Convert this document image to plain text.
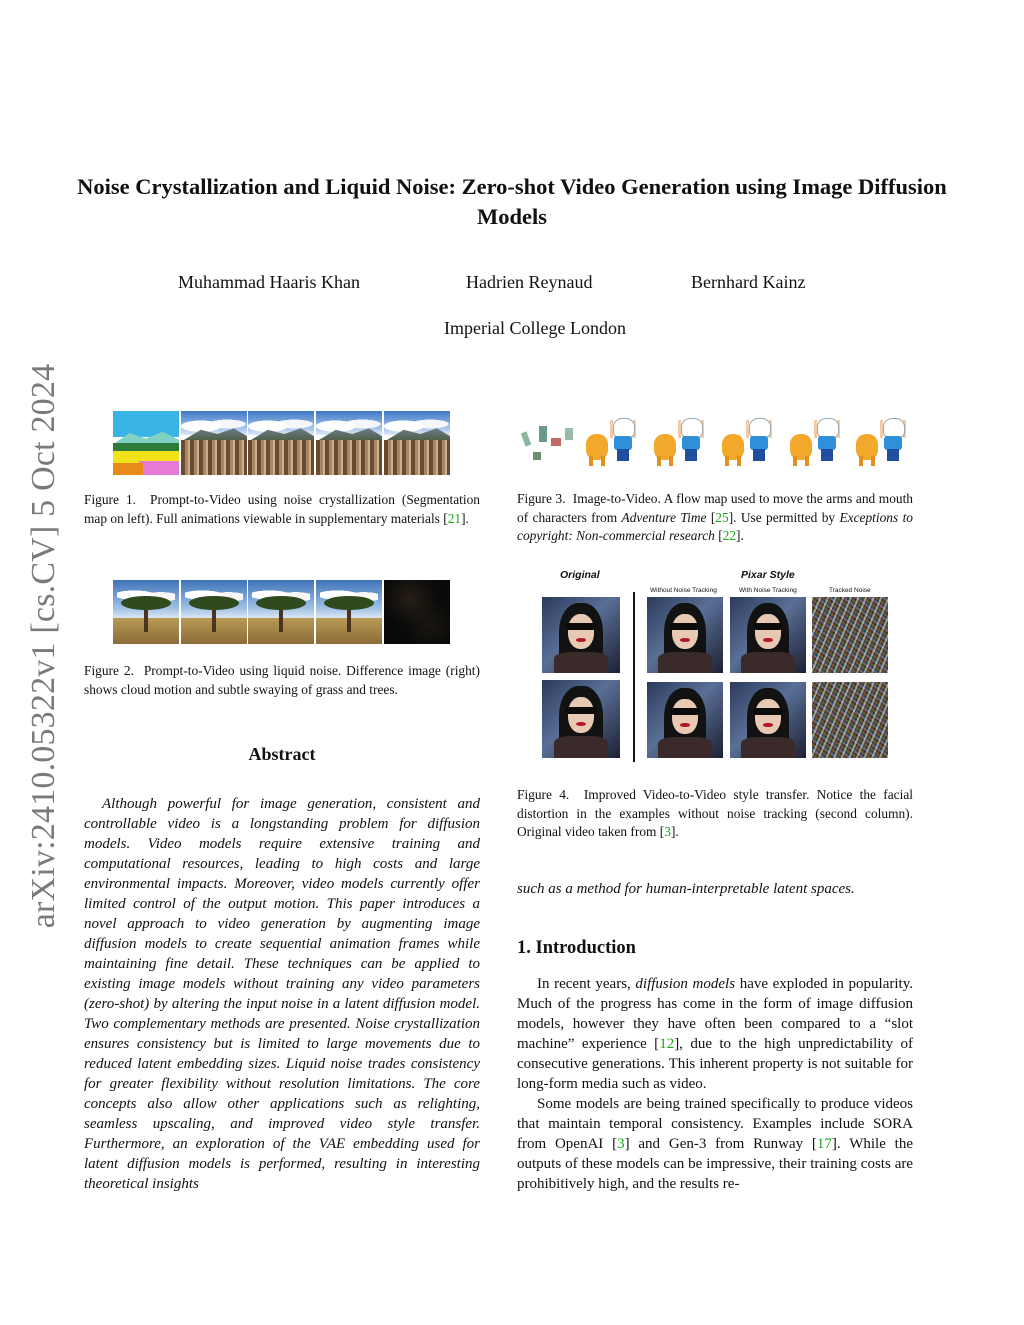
arXiv:2410.05322v1 [cs.CV] 5 Oct 2024
Noise Crystallization and Liquid Noise: Zero-shot Video Generation using Image Diffusion Models
Muhammad Haaris Khan	Hadrien Reynaud	Bernhard Kainz
Imperial College London
Figure 1. Prompt-to-Video using noise crystallization (Segmentation map on left). Full animations viewable in supplementary materials [21].
Figure 2. Prompt-to-Video using liquid noise. Difference image (right) shows cloud motion and subtle swaying of grass and trees.
Figure 3. Image-to-Video. A flow map used to move the arms and mouth of characters from Adventure Time [25]. Use permitted by Exceptions to copyright: Non-commercial research [22].
Original	Pixar Style
Without Noise Tracking	With Noise Tracking	Tracked Noise
Figure 4. Improved Video-to-Video style transfer. Notice the facial distortion in the examples without noise tracking (second column). Original video taken from [3].
Abstract
Although powerful for image generation, consistent and controllable video is a longstanding problem for diffusion models. Video models require extensive training and computational resources, leading to high costs and large environmental impacts. Moreover, video models currently offer limited control of the output motion. This paper introduces a novel approach to video generation by augmenting image diffusion models to create sequential animation frames while maintaining fine detail. These techniques can be applied to existing image models without training any video parameters (zero-shot) by altering the input noise in a latent diffusion model. Two complementary methods are presented. Noise crystallization ensures consistency but is limited to large movements due to reduced latent embedding sizes. Liquid noise trades consistency for greater flexibility without resolution limitations. The core concepts also allow other applications such as relighting, seamless upscaling, and improved video style transfer. Furthermore, an exploration of the VAE embedding used for latent diffusion models is performed, resulting in interesting theoretical insights
such as a method for human-interpretable latent spaces.
1. Introduction

In recent years, diffusion models have exploded in popularity. Much of the progress has come in the form of image diffusion models, however they have often been compared to a “slot machine” experience [12], due to the high unpredictability of consecutive generations. This inherent property is not suitable for long-form media such as video.

Some models are being trained specifically to produce videos that maintain temporal consistency. Examples include SORA from OpenAI [3] and Gen-3 from Runway [17]. While the outputs of these models can be impressive, their training costs are prohibitively high, and the results re-
